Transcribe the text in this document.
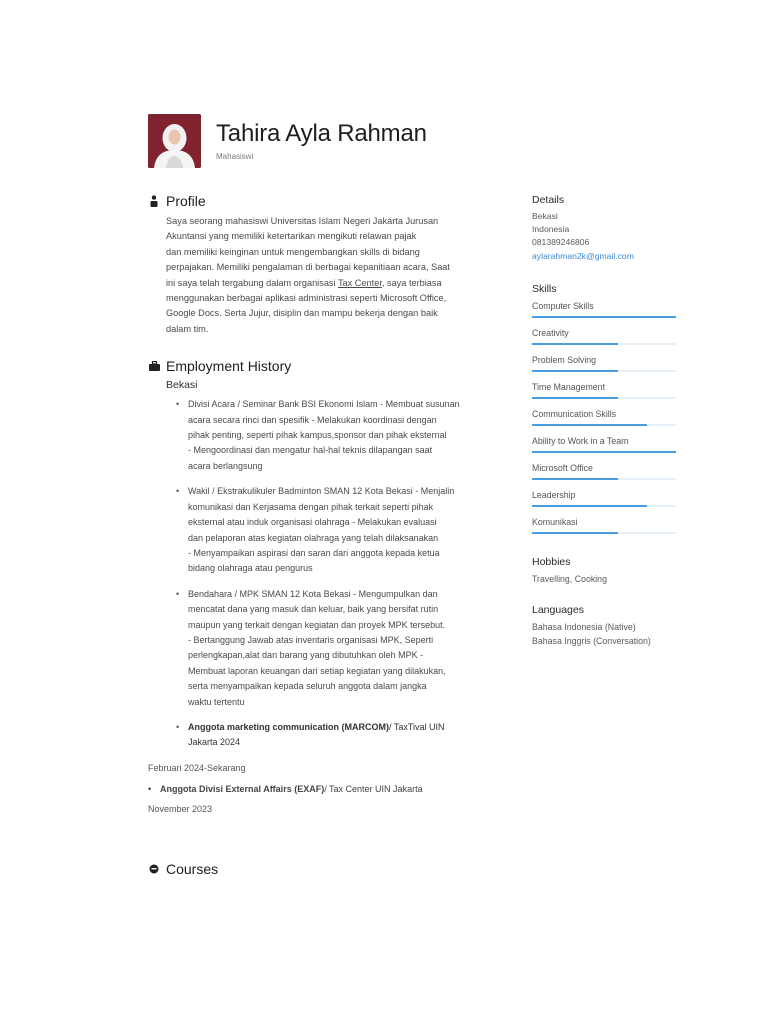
Tahira Ayla Rahman
Mahasiswi
Profile

Saya seorang mahasiswi Universitas Islam Negeri Jakarta Jurusan

Akuntansi yang memiliki ketertarikan mengikuti relawan pajak

dan memiliki keinginan untuk mengembangkan skills di bidang

perpajakan. Memiliki pengalaman di berbagai kepanitiaan acara, Saat

ini saya telah tergabung dalam organisasi Tax Center, saya terbiasa

menggunakan berbagai aplikasi administrasi seperti Microsoft Office,

Google Docs. Serta Jujur, disiplin dan mampu bekerja dengan baik

dalam tim.

Employment History
Bekasi

• Divisi Acara / Seminar Bank BSI Ekonomi Islam - Membuat susunan

acara secara rinci dan spesifik - Melakukan koordinasi dengan

pihak penting, seperti pihak kampus,sponsor dan pihak eksternal

- Mengoordinasi dan mengatur hal-hal teknis dilapangan saat

acara berlangsung

• Wakil / Ekstrakulikuler Badminton SMAN 12 Kota Bekasi - Menjalin

komunikasi dan Kerjasama dengan pihak terkait seperti pihak

eksternal atau induk organisasi olahraga - Melakukan evaluasi

dan pelaporan atas kegiatan olahraga yang telah dilaksanakan

- Menyampaikan aspirasi dan saran dari anggota kepada ketua

bidang olahraga atau pengurus

• Bendahara / MPK SMAN 12 Kota Bekasi - Mengumpulkan dan

mencatat dana yang masuk dan keluar, baik yang bersifat rutin

maupun yang terkait dengan kegiatan dan proyek MPK tersebut.

- Bertanggung Jawab atas inventaris organisasi MPK, Seperti

perlengkapan,alat dan barang yang dibutuhkan oleh MPK -

Membuat laporan keuangan dari setiap kegiatan yang dilakukan,

serta menyampaikan kepada seluruh anggota dalam jangka

waktu tertentu

• Anggota marketing communication (MARCOM)/ TaxTival UIN

Jakarta 2024

Februari 2024-Sekarang
• Anggota Divisi External Affairs (EXAF)/ Tax Center UIN Jakarta
November 2023
Courses
Details

Bekasi

Indonesia

081389246806

aylarahman2k@gmail.com

Skills
Computer Skills
Creativity
Problem Solving
Time Management
Communication Skills
Ability to Work in a Team
Microsoft Office
Leadership
Komunikasi
Hobbies

Travelling, Cooking

Languages

Bahasa Indonesia (Native)

Bahasa Inggris (Conversation)
